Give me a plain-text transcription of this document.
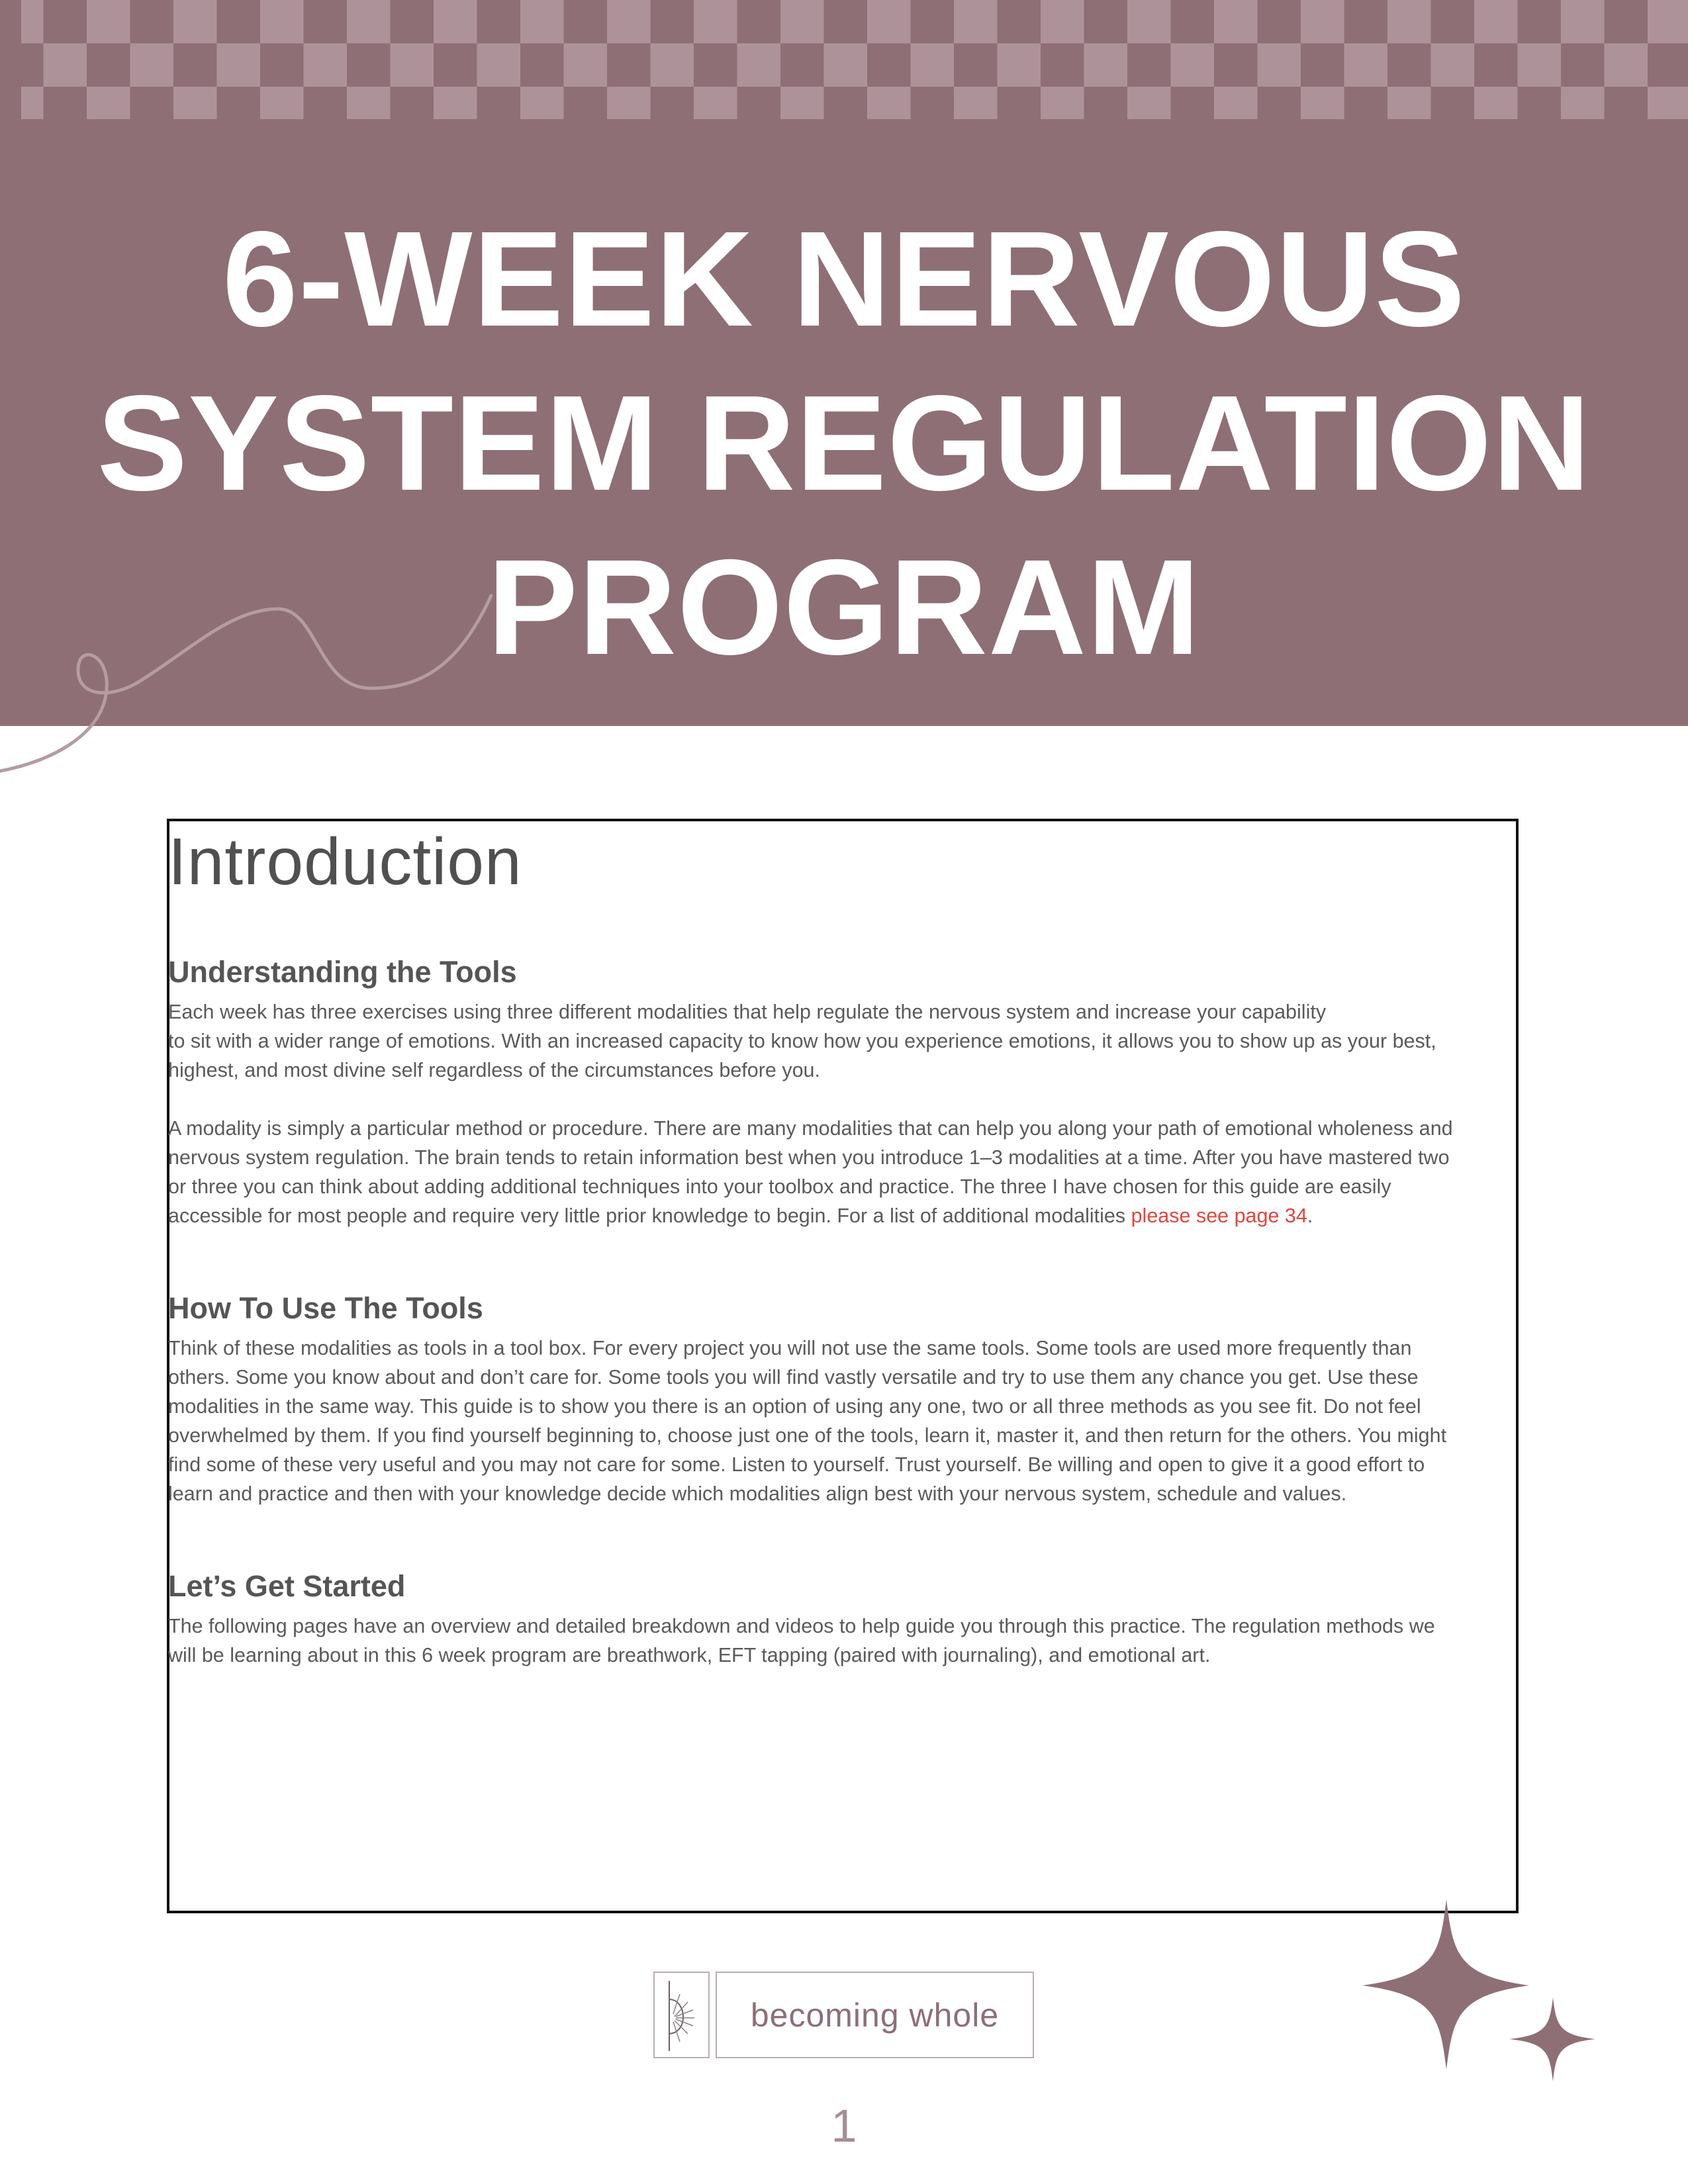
6-WEEK NERVOUS
SYSTEM REGULATION
PROGRAM
Introduction
Understanding the Tools

Each week has three exercises using three different modalities that help regulate the nervous system and increase your capability
to sit with a wider range of emotions. With an increased capacity to know how you experience emotions, it allows you to show up as your best,
highest, and most divine self regardless of the circumstances before you.

A modality is simply a particular method or procedure. There are many modalities that can help you along your path of emotional wholeness and
nervous system regulation. The brain tends to retain information best when you introduce 1–3 modalities at a time. After you have mastered two
or three you can think about adding additional techniques into your toolbox and practice. The three I have chosen for this guide are easily
accessible for most people and require very little prior knowledge to begin. For a list of additional modalities please see page 34.

How To Use The Tools

Think of these modalities as tools in a tool box. For every project you will not use the same tools. Some tools are used more frequently than
others. Some you know about and don’t care for. Some tools you will find vastly versatile and try to use them any chance you get. Use these
modalities in the same way. This guide is to show you there is an option of using any one, two or all three methods as you see fit. Do not feel
overwhelmed by them. If you find yourself beginning to, choose just one of the tools, learn it, master it, and then return for the others. You might
find some of these very useful and you may not care for some. Listen to yourself. Trust yourself. Be willing and open to give it a good effort to
learn and practice and then with your knowledge decide which modalities align best with your nervous system, schedule and values.

Let’s Get Started

The following pages have an overview and detailed breakdown and videos to help guide you through this practice. The regulation methods we
will be learning about in this 6 week program are breathwork, EFT tapping (paired with journaling), and emotional art.

becoming whole
1
